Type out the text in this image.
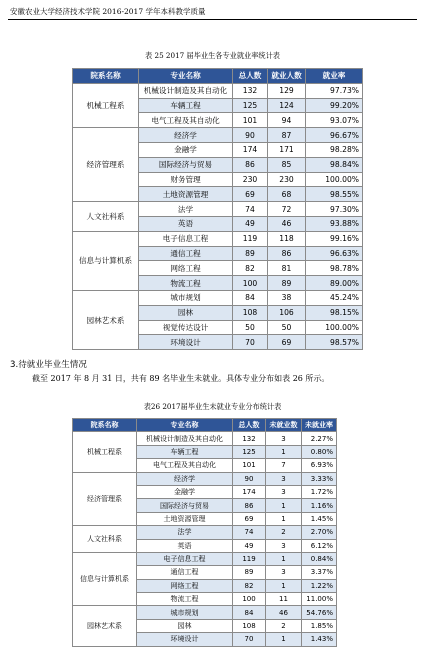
安徽农业大学经济技术学院 2016-2017 学年本科教学质量
表 25 2017 届毕业生各专业就业率统计表
院系名称	专业名称	总人数	就业人数	就业率
机械工程系	机械设计制造及其自动化	132	129	97.73%
	车辆工程	125	124	99.20%
	电气工程及其自动化	101	94	93.07%
经济管理系	经济学	90	87	96.67%
	金融学	174	171	98.28%
	国际经济与贸易	86	85	98.84%
	财务管理	230	230	100.00%
	土地资源管理	69	68	98.55%
人文社科系	法学	74	72	97.30%
	英语	49	46	93.88%
信息与计算机系	电子信息工程	119	118	99.16%
	通信工程	89	86	96.63%
	网络工程	82	81	98.78%
	物流工程	100	89	89.00%
园林艺术系	城市规划	84	38	45.24%
	园林	108	106	98.15%
	视觉传达设计	50	50	100.00%
	环境设计	70	69	98.57%
3.待就业毕业生情况
截至 2017 年 8 月 31 日，共有 89 名毕业生未就业。具体专业分布如表 26 所示。
表26 2017届毕业生未就业专业分布统计表
院系名称	专业名称	总人数	未就业数	未就业率
机械工程系	机械设计制造及其自动化	132	3	2.27%
	车辆工程	125	1	0.80%
	电气工程及其自动化	101	7	6.93%
经济管理系	经济学	90	3	3.33%
	金融学	174	3	1.72%
	国际经济与贸易	86	1	1.16%
	土地资源管理	69	1	1.45%
人文社科系	法学	74	2	2.70%
	英语	49	3	6.12%
信息与计算机系	电子信息工程	119	1	0.84%
	通信工程	89	3	3.37%
	网络工程	82	1	1.22%
	物流工程	100	11	11.00%
园林艺术系	城市规划	84	46	54.76%
	园林	108	2	1.85%
	环境设计	70	1	1.43%
